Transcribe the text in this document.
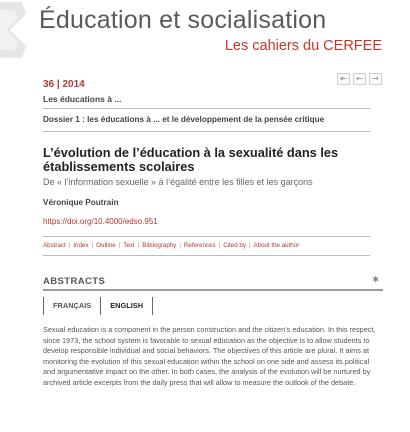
Éducation et socialisation
Les cahiers du CERFEE
36 | 2014
Les éducations à ...
⇤	←	→
Dossier 1 : les éducations à ... et le développement de la pensée critique
L’évolution de l’éducation à la sexualité dans les établissements scolaires
De « l’information sexuelle » à l’égalité entre les filles et les garçons
Véronique Poutrain
https://doi.org/10.4000/edso.951
Abstract | Index | Outline | Text | Bibliography | References | Cited by | About the author
ABSTRACTS	✱
FRANÇAIS	ENGLISH
Sexual education is a component in the person construction and the citizen’s education. In this respect, since 1973, the school system is favorable to sexual education as the objective is to allow students to develop responsible individual and social behaviors. The objectives of this article are plural. It aims at monitoring the evolution of this sexual education within the school on one side and assess its political and argumentative impact on the other. In both cases, the analysis of the evolution will be nurtured by archived article excerpts from the daily press that will allow to measure the outlook of the debate.
